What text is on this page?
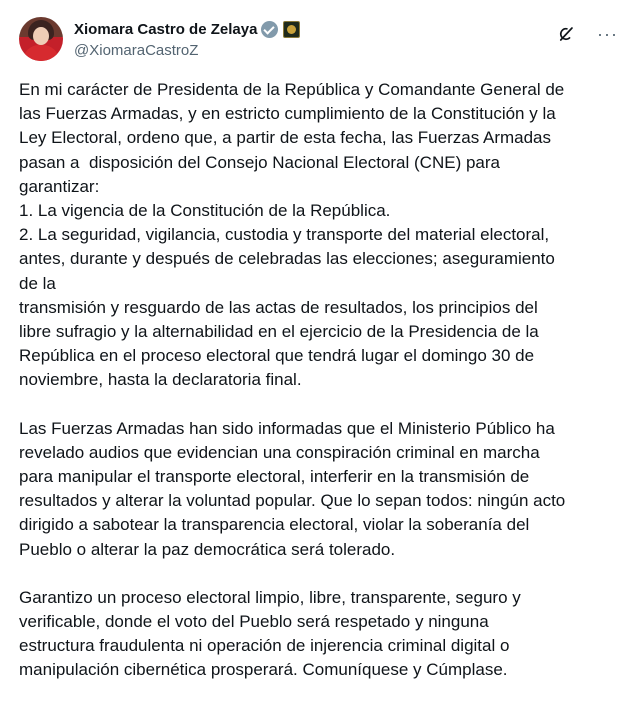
Xiomara Castro de Zelaya
@XiomaraCastroZ
···

En mi carácter de Presidenta de la República y Comandante General de
las Fuerzas Armadas, y en estricto cumplimiento de la Constitución y la
Ley Electoral, ordeno que, a partir de esta fecha, las Fuerzas Armadas
pasan a  disposición del Consejo Nacional Electoral (CNE) para
garantizar:
1. La vigencia de la Constitución de la República.
2. La seguridad, vigilancia, custodia y transporte del material electoral,
antes, durante y después de celebradas las elecciones; aseguramiento
de la
transmisión y resguardo de las actas de resultados, los principios del
libre sufragio y la alternabilidad en el ejercicio de la Presidencia de la
República en el proceso electoral que tendrá lugar el domingo 30 de
noviembre, hasta la declaratoria final.

Las Fuerzas Armadas han sido informadas que el Ministerio Público ha
revelado audios que evidencian una conspiración criminal en marcha
para manipular el transporte electoral, interferir en la transmisión de
resultados y alterar la voluntad popular. Que lo sepan todos: ningún acto
dirigido a sabotear la transparencia electoral, violar la soberanía del
Pueblo o alterar la paz democrática será tolerado.

Garantizo un proceso electoral limpio, libre, transparente, seguro y
verificable, donde el voto del Pueblo será respetado y ninguna
estructura fraudulenta ni operación de injerencia criminal digital o
manipulación cibernética prosperará. Comuníquese y Cúmplase.
